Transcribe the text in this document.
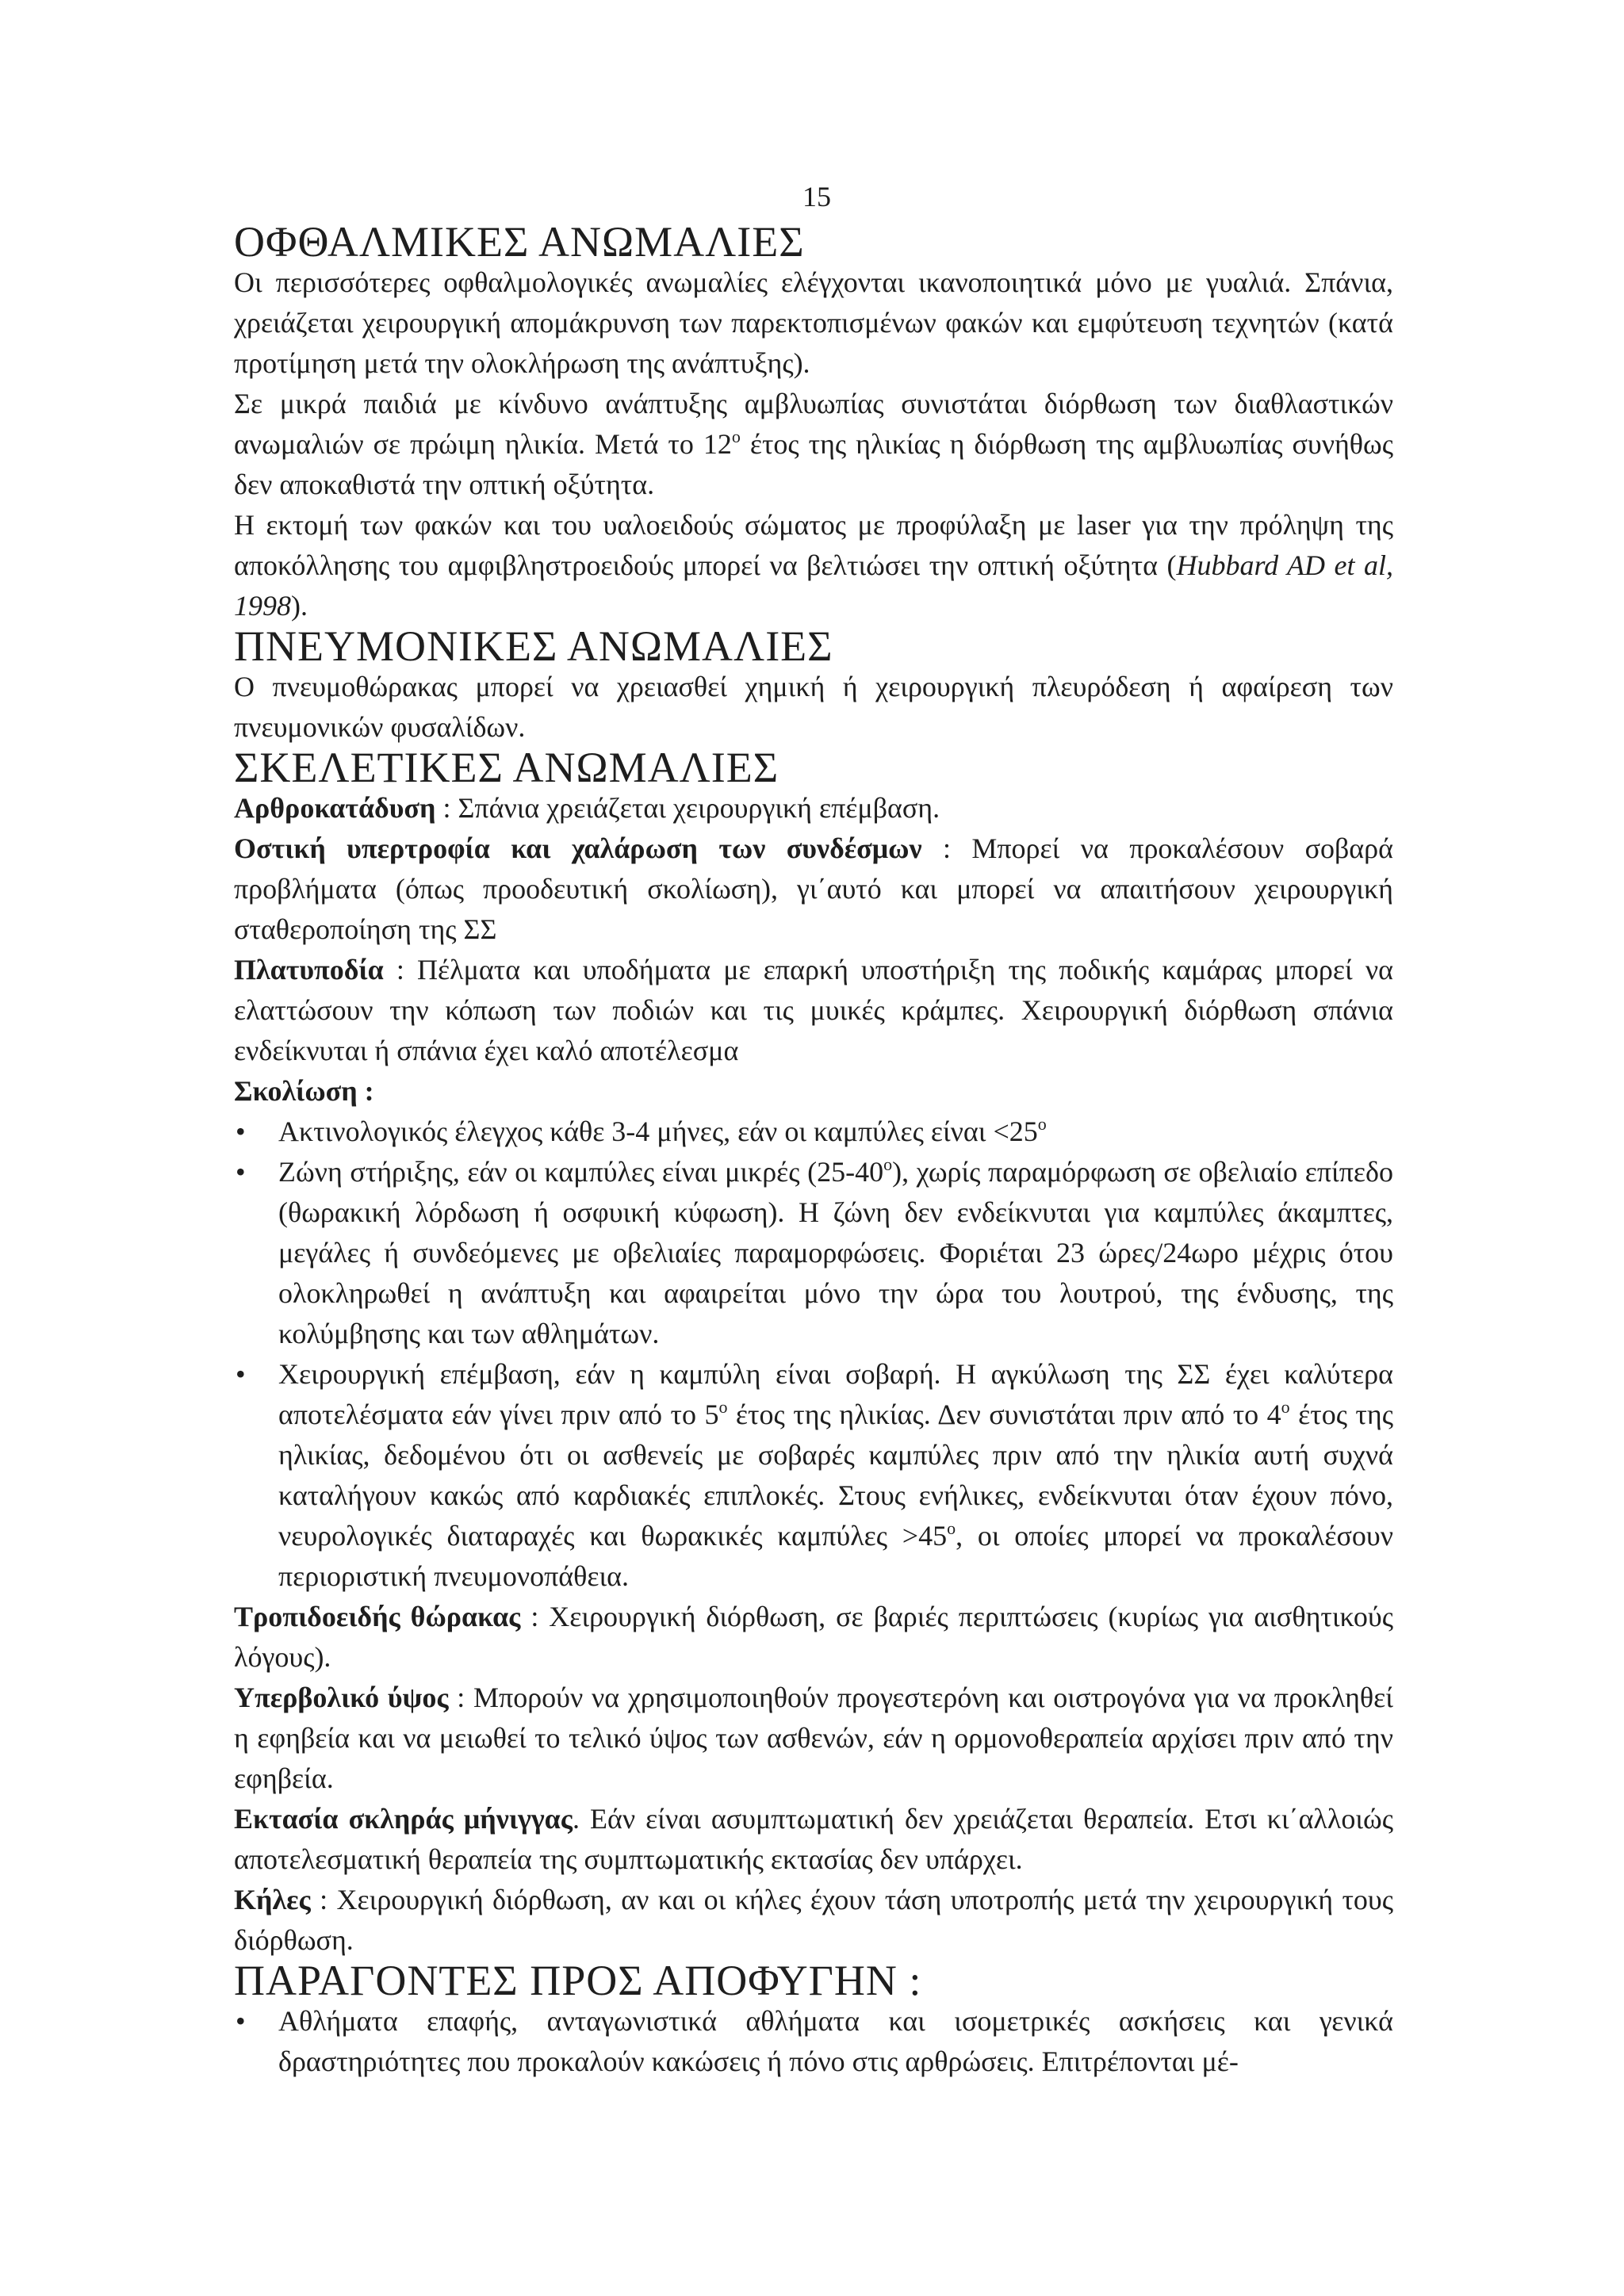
15
ΟΦΘΑΛΜΙΚΕΣ ΑΝΩΜΑΛΙΕΣ

Οι περισσότερες οφθαλμολογικές ανωμαλίες ελέγχονται ικανοποιητικά μόνο με γυαλιά. Σπάνια, χρειάζεται χειρουργική απομάκρυνση των παρεκτοπισμένων φακών και εμφύτευση τεχνητών (κατά προτίμηση μετά την ολοκλήρωση της ανάπτυξης).

Σε μικρά παιδιά με κίνδυνο ανάπτυξης αμβλυωπίας συνιστάται διόρθωση των διαθλαστικών ανωμαλιών σε πρώιμη ηλικία. Μετά το $12^o$ έτος της ηλικίας η διόρθωση της αμβλυωπίας συνήθως δεν αποκαθιστά την οπτική οξύτητα.

Η εκτομή των φακών και του υαλοειδούς σώματος με προφύλαξη με laser για την πρόληψη της αποκόλλησης του αμφιβληστροειδούς μπορεί να βελτιώσει την οπτική οξύτητα (Hubbard AD et al, 1998).

ΠΝΕΥΜΟΝΙΚΕΣ ΑΝΩΜΑΛΙΕΣ

Ο πνευμοθώρακας μπορεί να χρειασθεί χημική ή χειρουργική πλευρόδεση ή αφαίρεση των πνευμονικών φυσαλίδων.

ΣΚΕΛΕΤΙΚΕΣ ΑΝΩΜΑΛΙΕΣ

Αρθροκατάδυση : Σπάνια χρειάζεται χειρουργική επέμβαση.

Οστική υπερτροφία και χαλάρωση των συνδέσμων : Μπορεί να προκαλέσουν σοβαρά προβλήματα (όπως προοδευτική σκολίωση), γι΄αυτό και μπορεί να απαιτήσουν χειρουργική σταθεροποίηση της ΣΣ

Πλατυποδία : Πέλματα και υποδήματα με επαρκή υποστήριξη της ποδικής καμάρας μπορεί να ελαττώσουν την κόπωση των ποδιών και τις μυικές κράμπες. Χειρουργική διόρθωση σπάνια ενδείκνυται ή σπάνια έχει καλό αποτέλεσμα

Σκολίωση :

• Ακτινολογικός έλεγχος κάθε 3-4 μήνες, εάν οι καμπύλες $\varepsilon ί\nu\alpha\iota <25^o$
• Ζώνη στήριξης, εάν οι καμπύλες είναι μικρές $(25-40^o)$, χωρίς παραμόρφωση σε οβελιαίο επίπεδο (θωρακική λόρδωση ή οσφυική κύφωση). Η ζώνη δεν ενδείκνυται για καμπύλες άκαμπτες, μεγάλες ή συνδεόμενες με οβελιαίες παραμορφώσεις. Φοριέται 23 ώρες/24ωρο μέχρις ότου ολοκληρωθεί η ανάπτυξη και αφαιρείται μόνο την ώρα του λουτρού, της ένδυσης, της κολύμβησης και των αθλημάτων.
• Χειρουργική επέμβαση, εάν η καμπύλη είναι σοβαρή. Η αγκύλωση της ΣΣ έχει καλύτερα αποτελέσματα εάν γίνει πριν από το $5^o$ έτος της ηλικίας. Δεν συνιστάται πριν από το $4^o$ έτος της ηλικίας, δεδομένου ότι οι ασθενείς με σοβαρές καμπύλες πριν από την ηλικία αυτή συχνά καταλήγουν κακώς από καρδιακές επιπλοκές. Στους ενήλικες, ενδείκνυται όταν έχουν πόνο, νευρολογικές διαταραχές και θωρακικές $\kappa\alpha\mu\pi ύ\lambda\varepsilon\varsigma >45^o$, οι οποίες μπορεί να προκαλέσουν περιοριστική πνευμονοπάθεια.

Τροπιδοειδής θώρακας : Χειρουργική διόρθωση, σε βαριές περιπτώσεις (κυρίως για αισθητικούς λόγους).

Υπερβολικό ύψος : Μπορούν να χρησιμοποιηθούν προγεστερόνη και οιστρογόνα για να προκληθεί η εφηβεία και να μειωθεί το τελικό ύψος των ασθενών, εάν η ορμονοθεραπεία αρχίσει πριν από την εφηβεία.

Εκτασία σκληράς μήνιγγας. Εάν είναι ασυμπτωματική δεν χρειάζεται θεραπεία. Ετσι κι΄αλλοιώς αποτελεσματική θεραπεία της συμπτωματικής εκτασίας δεν υπάρχει.

Κήλες : Χειρουργική διόρθωση, αν και οι κήλες έχουν τάση υποτροπής μετά την χειρουργική τους διόρθωση.

ΠΑΡΑΓΟΝΤΕΣ ΠΡΟΣ ΑΠΟΦΥΓΗΝ :
• Αθλήματα επαφής, ανταγωνιστικά αθλήματα και ισομετρικές ασκήσεις και γενικά δραστηριότητες που προκαλούν κακώσεις ή πόνο στις αρθρώσεις. Επιτρέπονται μέ-
